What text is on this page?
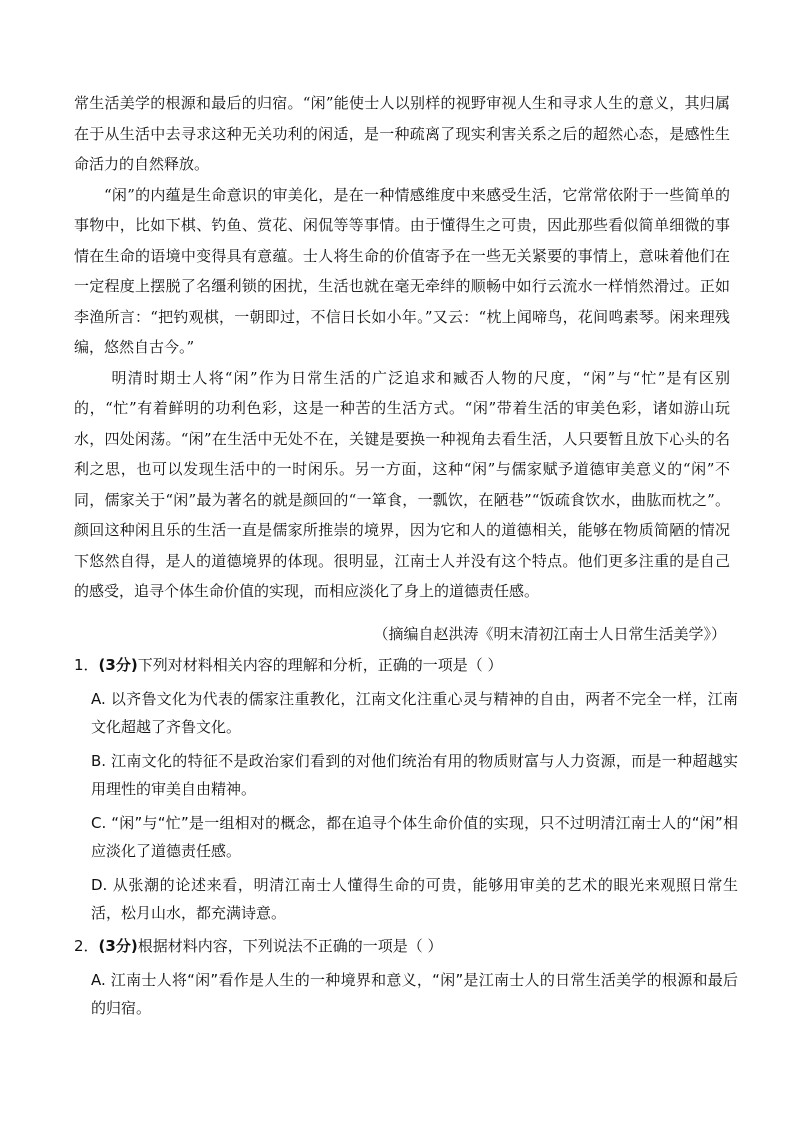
常生活美学的根源和最后的归宿。“闲”能使士人以别样的视野审视人生和寻求人生的意义，其归属在于从生活中去寻求这种无关功利的闲适，是一种疏离了现实利害关系之后的超然心态，是感性生命活力的自然释放。

“闲”的内蕴是生命意识的审美化，是在一种情感维度中来感受生活，它常常依附于一些简单的事物中，比如下棋、钓鱼、赏花、闲侃等等事情。由于懂得生之可贵，因此那些看似简单细微的事情在生命的语境中变得具有意蕴。士人将生命的价值寄予在一些无关紧要的事情上，意味着他们在一定程度上摆脱了名缰利锁的困扰，生活也就在毫无牵绊的顺畅中如行云流水一样悄然滑过。正如李渔所言：“把钓观棋，一朝即过，不信日长如小年。”又云：“枕上闻啼鸟，花间鸣素琴。闲来理残编，悠然自古今。”

明清时期士人将“闲”作为日常生活的广泛追求和臧否人物的尺度，“闲”与“忙”是有区别的，“忙”有着鲜明的功利色彩，这是一种苦的生活方式。“闲”带着生活的审美色彩，诸如游山玩水，四处闲荡。“闲”在生活中无处不在，关键是要换一种视角去看生活，人只要暂且放下心头的名利之思，也可以发现生活中的一时闲乐。另一方面，这种“闲”与儒家赋予道德审美意义的“闲”不同，儒家关于“闲”最为著名的就是颜回的“一箪食，一瓢饮，在陋巷”“饭疏食饮水，曲肱而枕之”。颜回这种闲且乐的生活一直是儒家所推崇的境界，因为它和人的道德相关，能够在物质简陋的情况下悠然自得，是人的道德境界的体现。很明显，江南士人并没有这个特点。他们更多注重的是自己的感受，追寻个体生命价值的实现，而相应淡化了身上的道德责任感。

（摘编自赵洪涛《明末清初江南士人日常生活美学》）

1．(3分)下列对材料相关内容的理解和分析，正确的一项是（ ）

A. 以齐鲁文化为代表的儒家注重教化，江南文化注重心灵与精神的自由，两者不完全一样，江南文化超越了齐鲁文化。

B. 江南文化的特征不是政治家们看到的对他们统治有用的物质财富与人力资源，而是一种超越实用理性的审美自由精神。

C. “闲”与“忙”是一组相对的概念，都在追寻个体生命价值的实现，只不过明清江南士人的“闲”相应淡化了道德责任感。

D. 从张潮的论述来看，明清江南士人懂得生命的可贵，能够用审美的艺术的眼光来观照日常生活，松月山水，都充满诗意。

2．(3分)根据材料内容，下列说法不正确的一项是（ ）

A. 江南士人将“闲”看作是人生的一种境界和意义，“闲”是江南士人的日常生活美学的根源和最后的归宿。
